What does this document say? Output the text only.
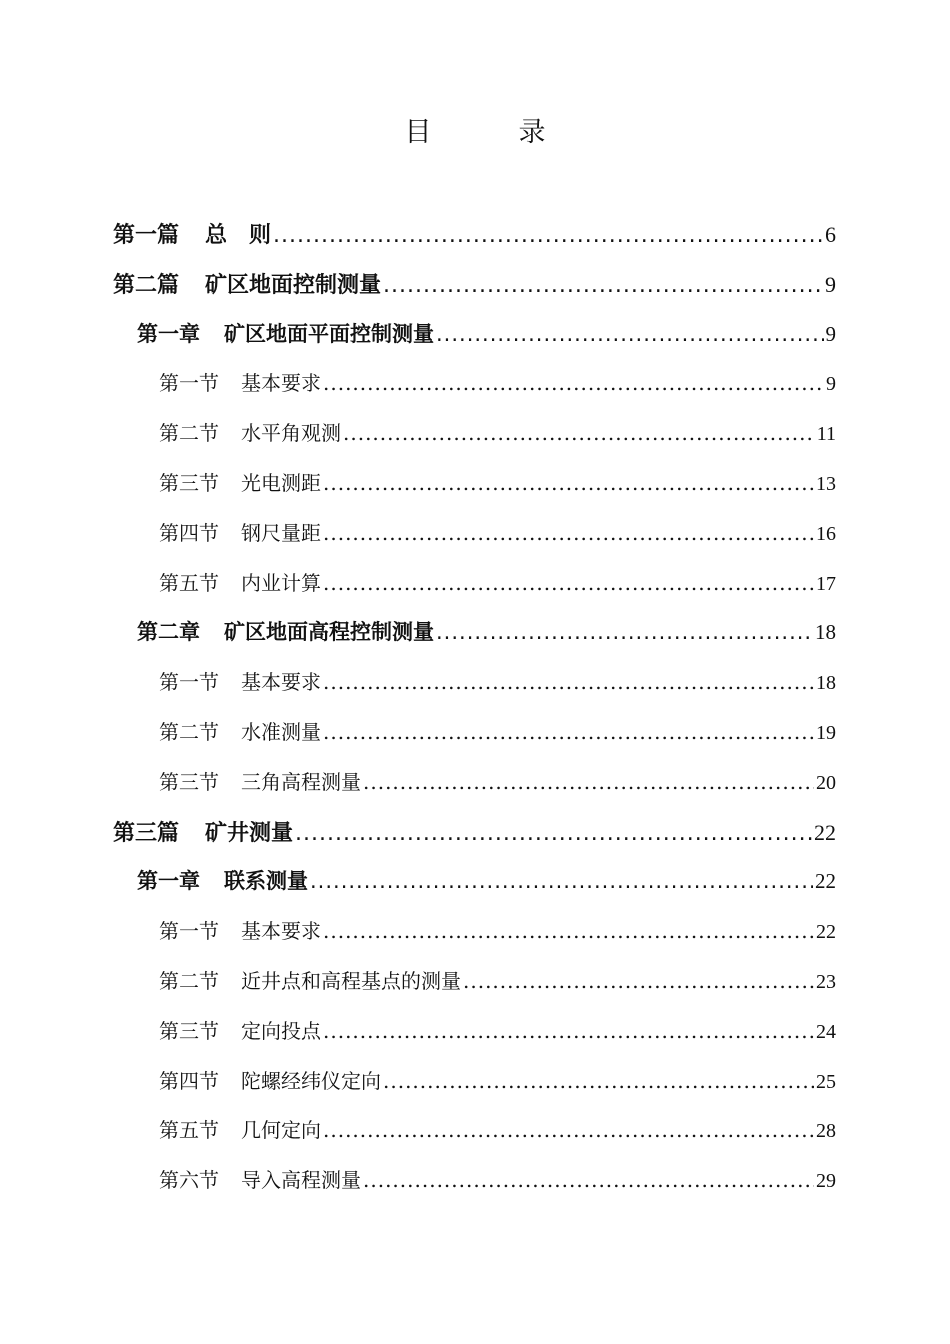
目　录
第一篇 总　则 .....	6
第二篇 矿区地面控制测量 .....	9
第一章 矿区地面平面控制测量 .....	9
第一节 基本要求 .....	9
第二节 水平角观测 .....	11
第三节 光电测距 .....	13
第四节 钢尺量距 .....	16
第五节 内业计算 .....	17
第二章 矿区地面高程控制测量 .....	18
第一节 基本要求 .....	18
第二节 水准测量 .....	19
第三节 三角高程测量 .....	20
第三篇 矿井测量 .....	22
第一章 联系测量 .....	22
第一节 基本要求 .....	22
第二节 近井点和高程基点的测量 .....	23
第三节 定向投点 .....	24
第四节 陀螺经纬仪定向 .....	25
第五节 几何定向 .....	28
第六节 导入高程测量 .....	29
